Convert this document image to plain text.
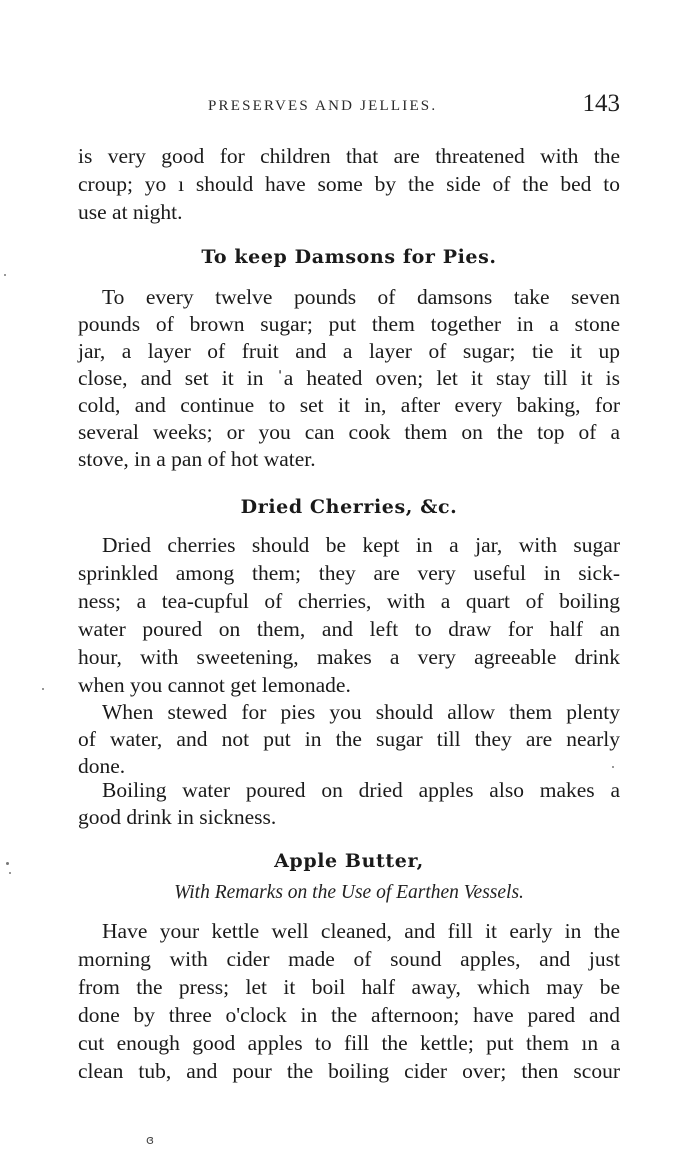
PRESERVES AND JELLIES.	143
is very good for children that are threatened with the
croup; yo ı should have some by the side of the bed to
use at night.
To keep Damsons for Pies.
To every twelve pounds of damsons take seven
pounds of brown sugar; put them together in a stone
jar, a layer of fruit and a layer of sugar; tie it up
close, and set it in ˈa heated oven; let it stay till it is
cold, and continue to set it in, after every baking, for
several weeks; or you can cook them on the top of a
stove, in a pan of hot water.
Dried Cherries, &c.
Dried cherries should be kept in a jar, with sugar
sprinkled among them; they are very useful in sick-
ness; a tea-cupful of cherries, with a quart of boiling
water poured on them, and left to draw for half an
hour, with sweetening, makes a very agreeable drink
when you cannot get lemonade.
When stewed for pies you should allow them plenty
of water, and not put in the sugar till they are nearly
done.
Boiling water poured on dried apples also makes a
good drink in sickness.
Apple Butter,
With Remarks on the Use of Earthen Vessels.
Have your kettle well cleaned, and fill it early in the
morning with cider made of sound apples, and just
from the press; let it boil half away, which may be
done by three o'clock in the afternoon; have pared and
cut enough good apples to fill the kettle; put them ın a
clean tub, and pour the boiling cider over; then scour
ɞ
